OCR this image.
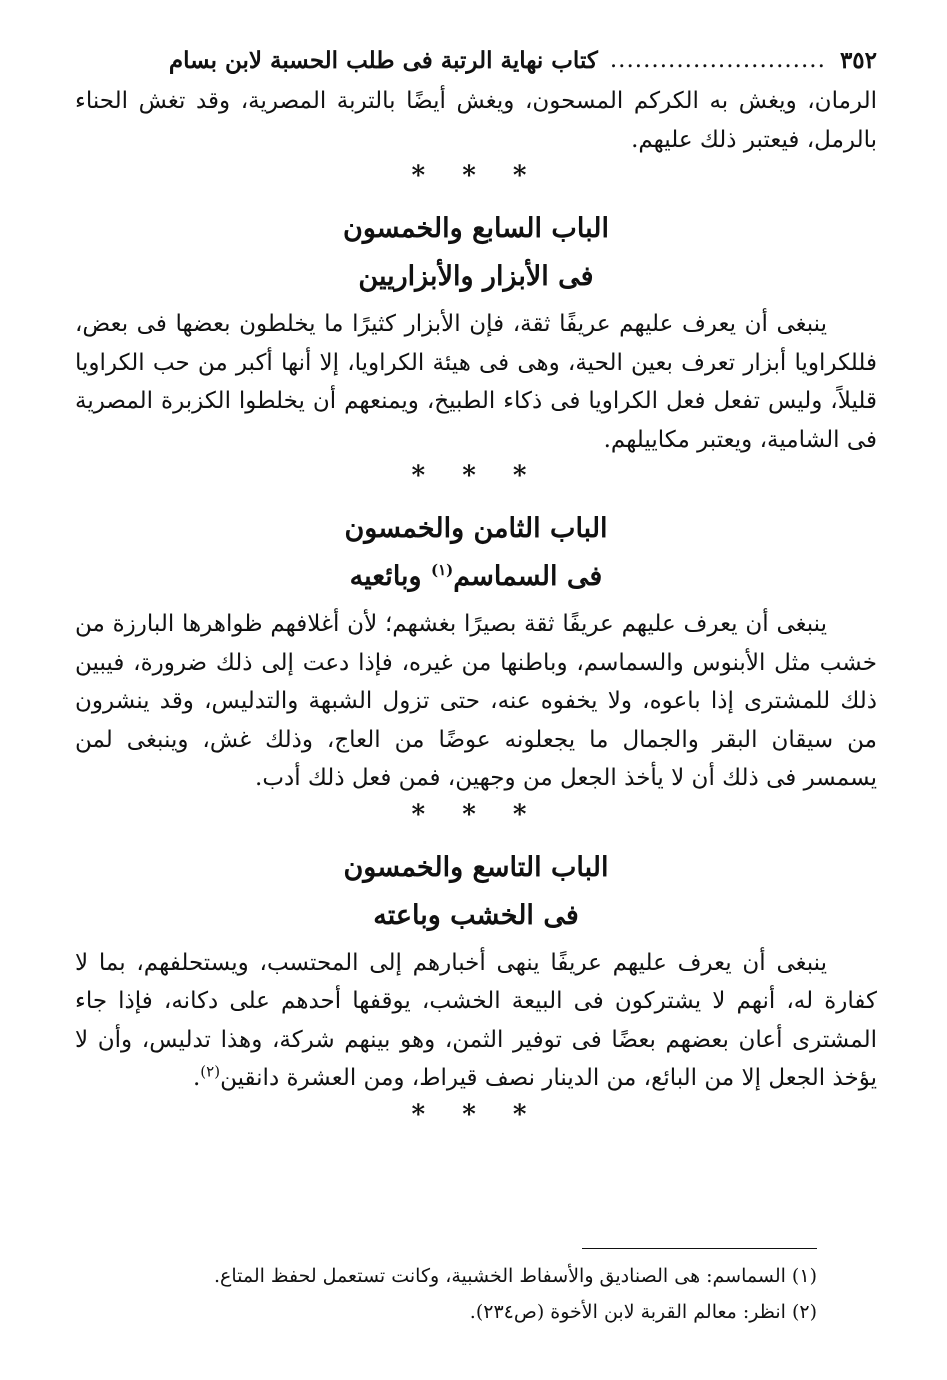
٣٥٢
..........................
كتاب نهاية الرتبة فى طلب الحسبة لابن بسام

الرمان، ويغش به الكركم المسحون، ويغش أيضًا بالتربة المصرية، وقد تغش الحناء بالرمل، فيعتبر ذلك عليهم.

* * *

الباب السابع والخمسون
فى الأبزار والأبزاريين

ينبغى أن يعرف عليهم عريفًا ثقة، فإن الأبزار كثيرًا ما يخلطون بعضها فى بعض، فللكراويا أبزار تعرف بعين الحية، وهى فى هيئة الكراويا، إلا أنها أكبر من حب الكراويا قليلاً، وليس تفعل فعل الكراويا فى ذكاء الطبيخ، ويمنعهم أن يخلطوا الكزبرة المصرية فى الشامية، ويعتبر مكاييلهم.

* * *

الباب الثامن والخمسون
فى السماسم$^{(١)}$ وبائعيه

ينبغى أن يعرف عليهم عريفًا ثقة بصيرًا بغشهم؛ لأن أغلافهم ظواهرها البارزة من خشب مثل الأبنوس والسماسم، وباطنها من غيره، فإذا دعت إلى ذلك ضرورة، فيبين ذلك للمشترى إذا باعوه، ولا يخفوه عنه، حتى تزول الشبهة والتدليس، وقد ينشرون من سيقان البقر والجمال ما يجعلونه عوضًا من العاج، وذلك غش، وينبغى لمن يسمسر فى ذلك أن لا يأخذ الجعل من وجهين، فمن فعل ذلك أدب.

* * *

الباب التاسع والخمسون
فى الخشب وباعته

ينبغى أن يعرف عليهم عريفًا ينهى أخبارهم إلى المحتسب، ويستحلفهم، بما لا كفارة له، أنهم لا يشتركون فى البيعة الخشب، يوقفها أحدهم على دكانه، فإذا جاء المشترى أعان بعضهم بعضًا فى توفير الثمن، وهو بينهم شركة، وهذا تدليس، وأن لا يؤخذ الجعل إلا من البائع، من الدينار نصف قيراط، ومن العشرة دانقين$^{(٢)}$.

* * *

(١) السماسم: هى الصناديق والأسفاط الخشبية، وكانت تستعمل لحفظ المتاع.
(٢) انظر: معالم القربة لابن الأخوة (ص٢٣٤).
